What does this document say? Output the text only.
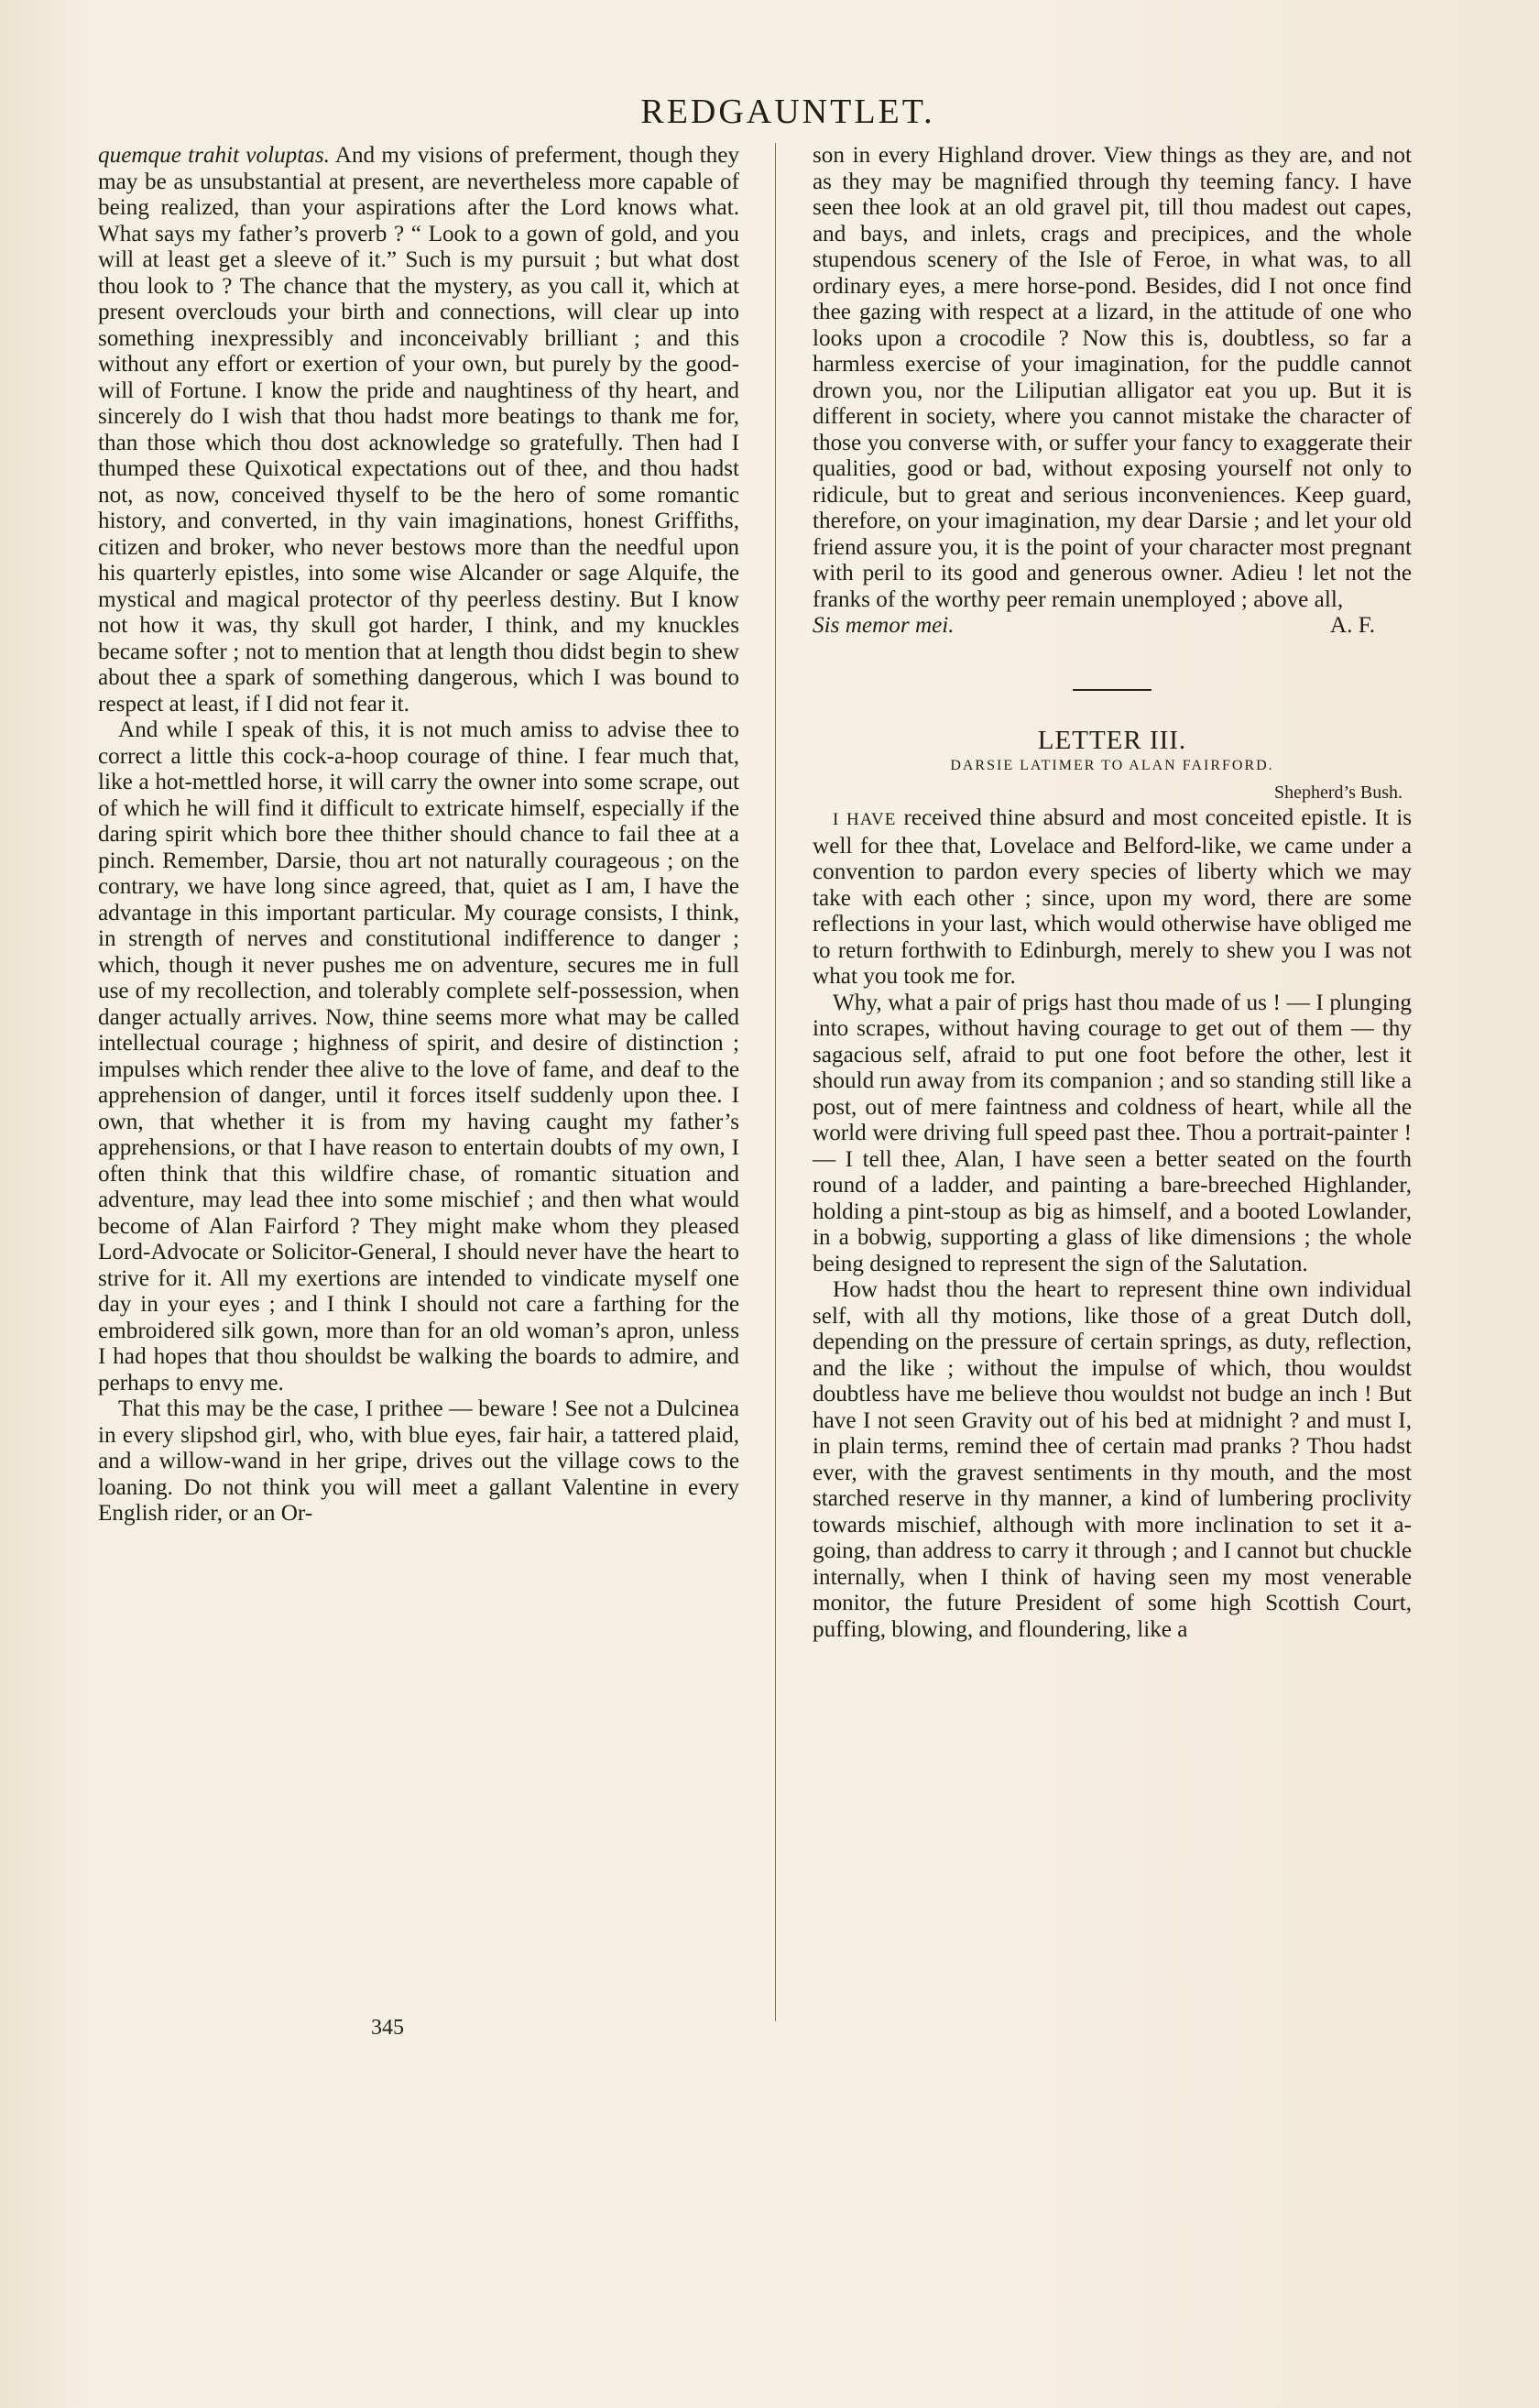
REDGAUNTLET.

quemque trahit voluptas. And my visions of preferment, though they may be as unsubstantial at present, are nevertheless more capable of being realized, than your aspirations after the Lord knows what. What says my father’s proverb ? “ Look to a gown of gold, and you will at least get a sleeve of it.” Such is my pursuit ; but what dost thou look to ? The chance that the mystery, as you call it, which at present overclouds your birth and connections, will clear up into something inexpressibly and inconceivably brilliant ; and this without any effort or exertion of your own, but purely by the good-will of Fortune. I know the pride and naughtiness of thy heart, and sincerely do I wish that thou hadst more beatings to thank me for, than those which thou dost acknowledge so gratefully. Then had I thumped these Quixotical expectations out of thee, and thou hadst not, as now, conceived thyself to be the hero of some romantic history, and converted, in thy vain imaginations, honest Griffiths, citizen and broker, who never bestows more than the needful upon his quarterly epistles, into some wise Alcander or sage Alquife, the mystical and magical protector of thy peerless destiny. But I know not how it was, thy skull got harder, I think, and my knuckles became softer ; not to mention that at length thou didst begin to shew about thee a spark of something dangerous, which I was bound to respect at least, if I did not fear it.

And while I speak of this, it is not much amiss to advise thee to correct a little this cock-a-hoop courage of thine. I fear much that, like a hot-mettled horse, it will carry the owner into some scrape, out of which he will find it difficult to extricate himself, especially if the daring spirit which bore thee thither should chance to fail thee at a pinch. Remember, Darsie, thou art not naturally courageous ; on the contrary, we have long since agreed, that, quiet as I am, I have the advantage in this important particular. My courage consists, I think, in strength of nerves and constitutional indifference to danger ; which, though it never pushes me on adventure, secures me in full use of my recollection, and tolerably complete self-possession, when danger actually arrives. Now, thine seems more what may be called intellectual courage ; highness of spirit, and desire of distinction ; impulses which render thee alive to the love of fame, and deaf to the apprehension of danger, until it forces itself suddenly upon thee. I own, that whether it is from my having caught my father’s apprehensions, or that I have reason to entertain doubts of my own, I often think that this wildfire chase, of romantic situation and adventure, may lead thee into some mischief ; and then what would become of Alan Fairford ? They might make whom they pleased Lord-Advocate or Solicitor-General, I should never have the heart to strive for it. All my exertions are intended to vindicate myself one day in your eyes ; and I think I should not care a farthing for the embroidered silk gown, more than for an old woman’s apron, unless I had hopes that thou shouldst be walking the boards to admire, and perhaps to envy me.

That this may be the case, I prithee — beware ! See not a Dulcinea in every slipshod girl, who, with blue eyes, fair hair, a tattered plaid, and a willow-wand in her gripe, drives out the village cows to the loaning. Do not think you will meet a gallant Valentine in every English rider, or an Or-

son in every Highland drover. View things as they are, and not as they may be magnified through thy teeming fancy. I have seen thee look at an old gravel pit, till thou madest out capes, and bays, and inlets, crags and precipices, and the whole stupendous scenery of the Isle of Feroe, in what was, to all ordinary eyes, a mere horse-pond. Besides, did I not once find thee gazing with respect at a lizard, in the attitude of one who looks upon a crocodile ? Now this is, doubtless, so far a harmless exercise of your imagination, for the puddle cannot drown you, nor the Liliputian alligator eat you up. But it is different in society, where you cannot mistake the character of those you converse with, or suffer your fancy to exaggerate their qualities, good or bad, without exposing yourself not only to ridicule, but to great and serious inconveniences. Keep guard, therefore, on your imagination, my dear Darsie ; and let your old friend assure you, it is the point of your character most pregnant with peril to its good and generous owner. Adieu ! let not the franks of the worthy peer remain unemployed ; above all,

Sis memor mei.	A. F.

LETTER III.

DARSIE LATIMER TO ALAN FAIRFORD.

Shepherd’s Bush.

I HAVE received thine absurd and most conceited epistle. It is well for thee that, Lovelace and Belford-like, we came under a convention to pardon every species of liberty which we may take with each other ; since, upon my word, there are some reflections in your last, which would otherwise have obliged me to return forthwith to Edinburgh, merely to shew you I was not what you took me for.

Why, what a pair of prigs hast thou made of us ! — I plunging into scrapes, without having courage to get out of them — thy sagacious self, afraid to put one foot before the other, lest it should run away from its companion ; and so standing still like a post, out of mere faintness and coldness of heart, while all the world were driving full speed past thee. Thou a portrait-painter ! — I tell thee, Alan, I have seen a better seated on the fourth round of a ladder, and painting a bare-breeched Highlander, holding a pint-stoup as big as himself, and a booted Lowlander, in a bobwig, supporting a glass of like dimensions ; the whole being designed to represent the sign of the Salutation.

How hadst thou the heart to represent thine own individual self, with all thy motions, like those of a great Dutch doll, depending on the pressure of certain springs, as duty, reflection, and the like ; without the impulse of which, thou wouldst doubtless have me believe thou wouldst not budge an inch ! But have I not seen Gravity out of his bed at midnight ? and must I, in plain terms, remind thee of certain mad pranks ? Thou hadst ever, with the gravest sentiments in thy mouth, and the most starched reserve in thy manner, a kind of lumbering proclivity towards mischief, although with more inclination to set it a-going, than address to carry it through ; and I cannot but chuckle internally, when I think of having seen my most venerable monitor, the future President of some high Scottish Court, puffing, blowing, and floundering, like a

345
